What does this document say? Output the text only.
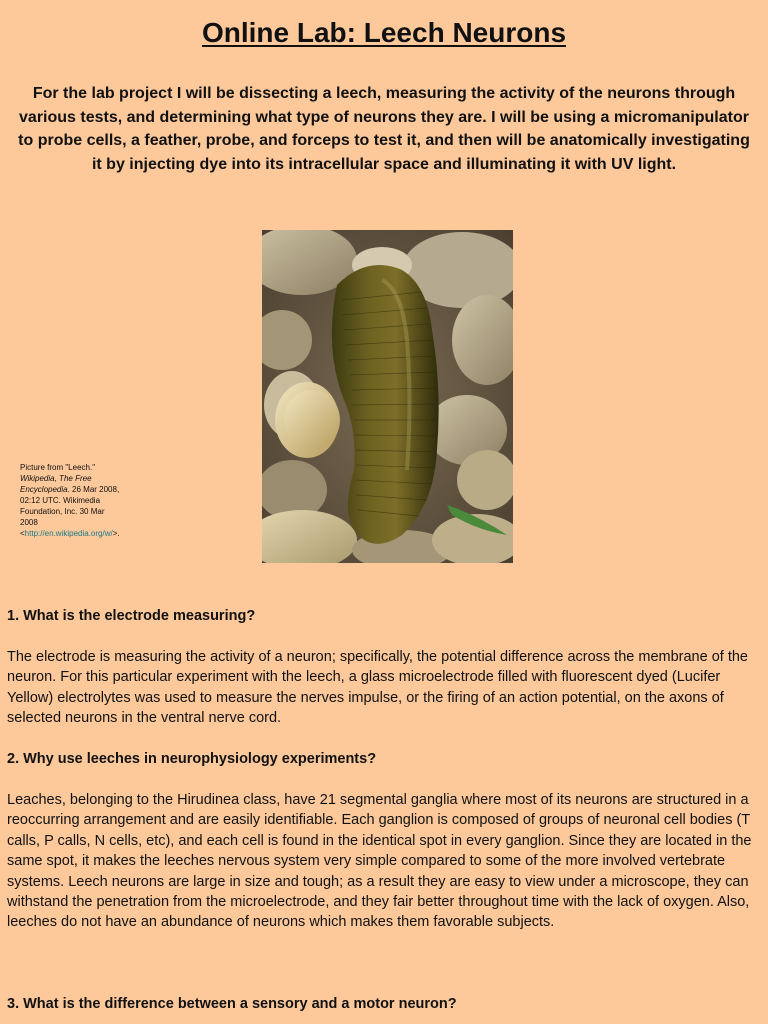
Online Lab: Leech Neurons

For the lab project I will be dissecting a leech, measuring the activity of the neurons through various tests, and determining what type of neurons they are. I will be using a micromanipulator to probe cells, a feather, probe, and forceps to test it, and then will be anatomically investigating it by injecting dye into its intracellular space and illuminating it with UV light.

Picture from "Leech." Wikipedia, The Free Encyclopedia. 26 Mar 2008, 02:12 UTC. Wikimedia Foundation, Inc. 30 Mar 2008 <http://en.wikipedia.org/w/>.

1. What is the electrode measuring?

The electrode is measuring the activity of a neuron; specifically, the potential difference across the membrane of the neuron. For this particular experiment with the leech, a glass microelectrode filled with fluorescent dyed (Lucifer Yellow) electrolytes was used to measure the nerves impulse, or the firing of an action potential, on the axons of selected neurons in the ventral nerve cord.

2. Why use leeches in neurophysiology experiments?

Leaches, belonging to the Hirudinea class, have 21 segmental ganglia where most of its neurons are structured in a reoccurring arrangement and are easily identifiable. Each ganglion is composed of groups of neuronal cell bodies (T calls, P calls, N cells, etc), and each cell is found in the identical spot in every ganglion. Since they are located in the same spot, it makes the leeches nervous system very simple compared to some of the more involved vertebrate systems. Leech neurons are large in size and tough; as a result they are easy to view under a microscope, they can withstand the penetration from the microelectrode, and they fair better throughout time with the lack of oxygen. Also, leeches do not have an abundance of neurons which makes them favorable subjects.

3. What is the difference between a sensory and a motor neuron?
